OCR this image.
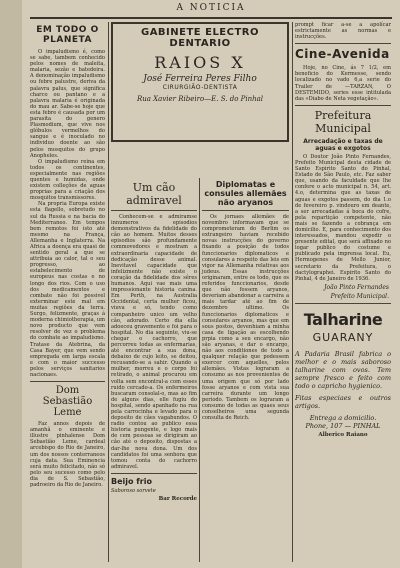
A NOTICIA
EM TODO O PLANETA

O impaludismo é, como se sabe, tambem conhecido pelos nomes de maleita, malaria, sezão e batedeira. A denominação impaludismo ou febre palustre, deriva da palavra palus, que significa charco ou pantano e a palavra malaria é originada do mau ar. Sabe-se hoje que esta febre é causada por um parasita do genero Plasmodium, que vive nos glóbulos vermelhos do sangue e é inoculado no individuo doente ao são pelos mosquitos do grupo Anopheles.

O impaludismo reina em todos os continentes, especialmente nas regiões quentes e humidas, onde existem colleções de aguas proprias para a criação dos mosquitos transmissores.

Na propria Europa existe esta flagello, sobretudo no sul da Russia e na bacia do Mediterraneo. Em tempos bem remotos foi isto até mesmo na França, Allemanha e Inglaterra. Na Africa a doença era quasi de sentido geral a que se attribuia ao calor, tal o seu progresso, ao estabelecimento de europeus nas costas e no longo dos rios. Com o uso dos medicamentos e combate não foi possivel exterminar este mal em muitas regiões da terra. Surgo, felizmente, graças á moderna chimiotherapia, um novo producto que vem resolver de vez o problema do combate ao impaludismo. Tratase da Atebrina, da Casa Bayer, que vem sendo empregada em larga escala e com o maior successo pelos serviços sanitarios nacionaes.

Dom Sebastião Leme

Faz annos depois de amanhã o eminente e illustre pinhalense Dom Sebastião Leme, cardeal arcebispo do Rio de Janeiro, um dos nossos conterraneos cuja data. Sua Eminencia será muito felicitado, não só pelo seu sucesso como pelo dia de S. Sebastião, padroeiro da Rio de Janeiro.

GABINETE ELECTRO DENTARIO
RAIOS X
José Ferreira Peres Filho
CIRURGIÃO-DENTISTA
Rua Xavier Ribeiro—E. S. do Pinhal
Um cão admiravel

Conhecem-se e admiramse innumeros episodios demonstrativos da fidelidade do cão ao homem. Muitos desses episodios são profundamente commovedores e mostram a extraordinaria capacidade de dedicação desse animal. Inevitavel capacidade que infelizmente não existe o coração da fidelidade dos sêres humanos. Aqui vae mais uma impressionante historia canina. Em Perth, na Australia Occidental, certa mulher ficou, viuva e só, tendo como companheiro unico um velho cão, adorado. Certo dia ella adoeceu gravemente e foi para o hospital. No dia seguinte, viu-se chegar o cachorro, que percorreu todas as enfermarias, até encontrar a sua dona, debaixo de cujo leito, se deitou, recusando-se a sahir. Quando a mulher, morreu e o corpo foi retirado, o animal procurou em volta sem encontral-a com esses ruido cercado-a. Os enfermeiros buscaram consolal-o, mas ao fim de alguns dias, elle fugiu do hospital, sendo apanhado na rua pela carrocinha e levado para o deposito de cães vagabundos. O radio contou ao publico essa historia pungente, e logo mais de cem pessoas se dirigiram ao cão até o deposito, dispostas a dar-lhe nova dona. Um dos candidatos foi uma senhora que tomou conta do cachorro admiravel.

Beijo frio
Saboroso sorvete
Bar Recorde
Diplomatas e consules allemães não aryanos

Os jornaes allemães de novembro informavam que se comprometeram do Berlim os extrangeiro haviam recebido novas instrucções do governo fixando a posição de todos funccionarios diplomaticos e consulares a respeito das leis em vigor na Allemanha relativas aos judeus. Essas instrucções originaram, entre os todo, que os referidos funccionarios, desde que não fossem aryanos, deveriam abandonar a carreira a mais tardar até ao fim de dezembro ultimo. Os funccionarios diplomaticos e consulares aryanos, mas que em sous postos, devenhiam a minha casa de ligação as escolhendo prpia como a seu encargo, não são aryanas, e dar o encargo, não aos conditiones de todo a qualquer relação que podessem exercer com aquelles, pelos allemães. Vistas lograram a consumo as nos provenientes de uma origem que só por lado fosse aryanos e com vista sua carreira durante um longo periodo. Tambem os lograram a consumo de todas as quaes seus conselheiros uma segunda consulta de Reich.

prompt ficar a-se a apolícar estrictamente as normas e instrucções.

Cine-Avenida

Hoje, no Cine, ás 7 1/2, em beneficio do Kermesse, sendo localizado no vado 6,a serie do Trailer de —TARZAN, O DESTEMIDO, series esse intitulada das «Diabo de Neta vegetação».

Prefeitura Municipal
Arrecadação e taxas de aguas e exgotos

O Doutor João Pinto Fernandes, Prefeito Municipal desta cidade de Santo Espirito Santo do Pinhal, Estado de São Paulo, etc. Faz saber que, usando da faculdade que lhe confere o acto municipal n. 54, art. 4.o, determina que as taxas de aguas e exgotos passem, do dia 1.o de fevereiro p. vindouro em deante, a ser arrecadadas á boca do cofre, pela repartição competente, não mais se fazendo a cobrança em domicilio. E, para conhecimento dos interessados, mandou expedir o presente edital, que será affixado no logar publico do costume e publicado pela imprensa local. Eu, Hermogenes de Mello Junior, secretario da Prefeitura, o dactylographei. Espirito Santo do Pinhal, 4 de Janeiro de 1936.

João Pinto Fernandes
Prefeito Municipal.
Talharine
GUARANY

A Padaria Brasil fabrica o melhor e o mais saboroso talharine com ovos. Tem sempre fresco e feito com todo o capricho hygienico.

Fitas especiaes e outros artigos.

Entrega a domicilio.

Phone, 107 — PINHAL

Alberico Raiano
